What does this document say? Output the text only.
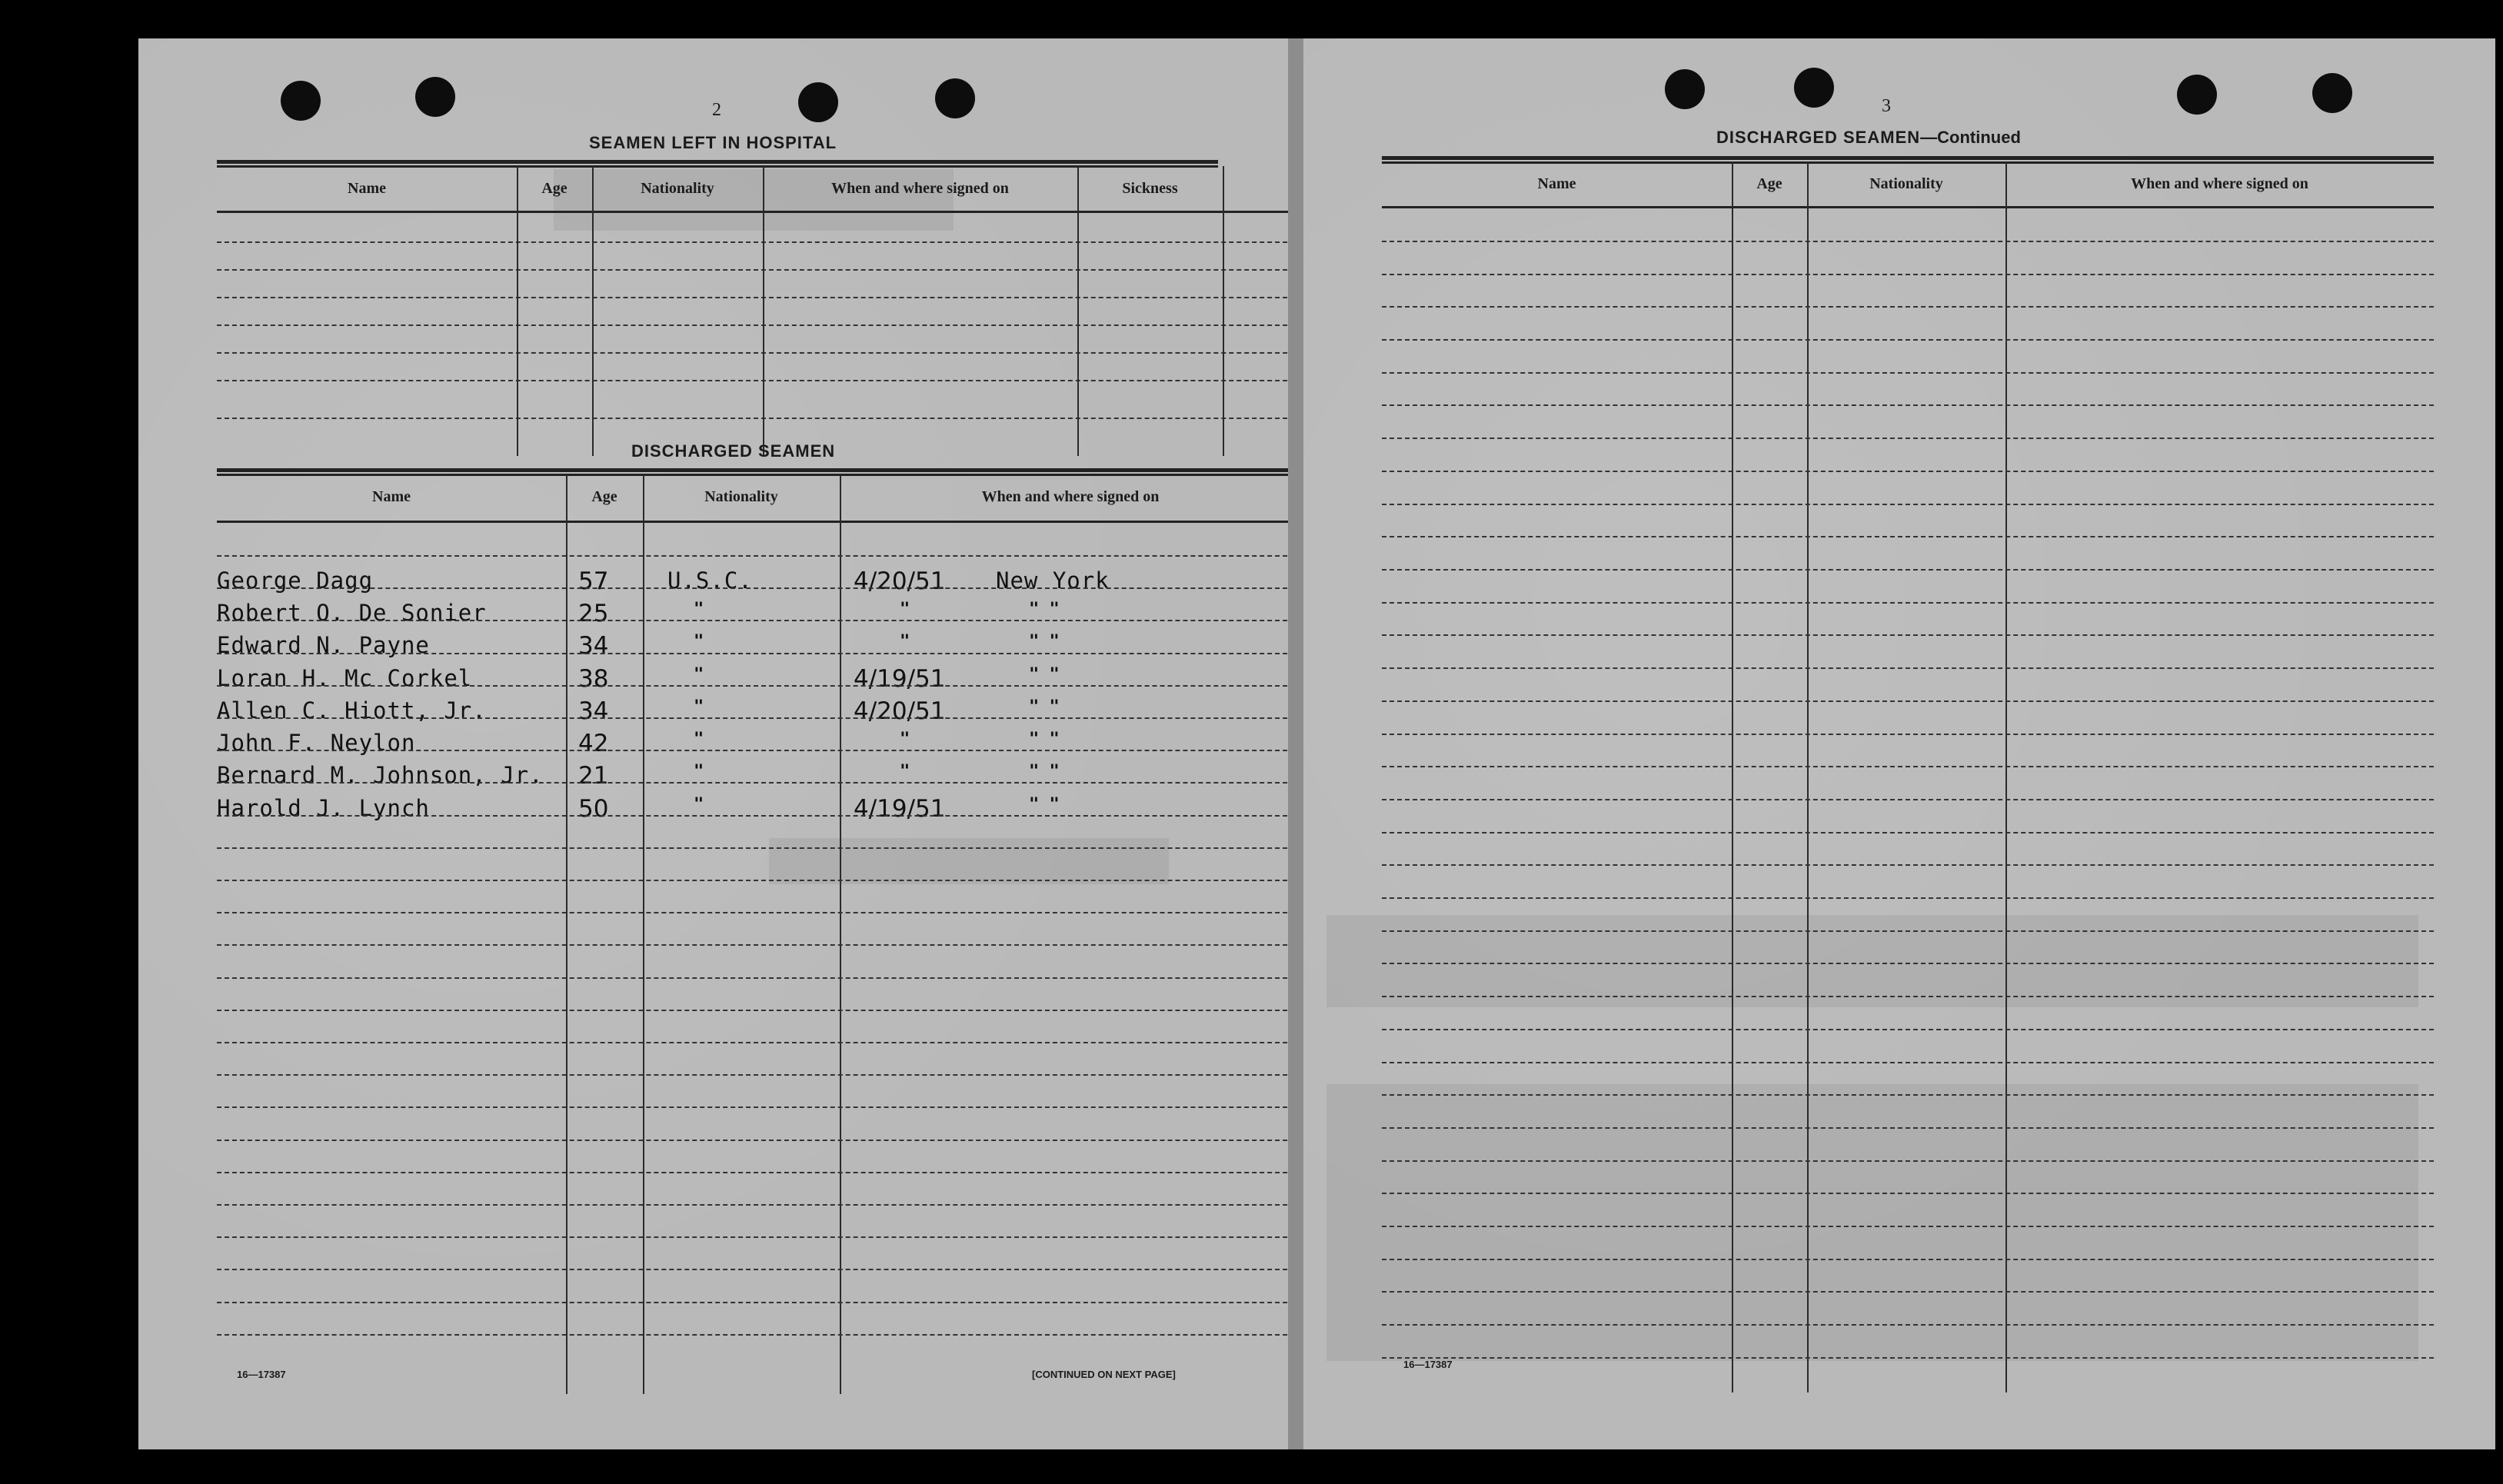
2
SEAMEN LEFT IN HOSPITAL
Name	Age	Nationality	When and where signed on	Sickness
DISCHARGED SEAMEN
Name	Age	Nationality	When and where signed on
George Dagg	57	U.S.C.	4/20/51 New York
Robert O. De Sonier	25	"	"	" "
Edward N. Payne	34	"	"	" "
Loran H. Mc Corkel	38	"	4/19/51	" "
Allen C. Hiott, Jr.	34	"	4/20/51	" "
John F. Neylon	42	"	"	" "
Bernard M. Johnson, Jr. 21	"	"	" "
Harold J. Lynch	50	"	4/19/51	" "
16—17387	[CONTINUED ON NEXT PAGE]
3
DISCHARGED SEAMEN—Continued
Name	Age	Nationality	When and where signed on
16—17387
